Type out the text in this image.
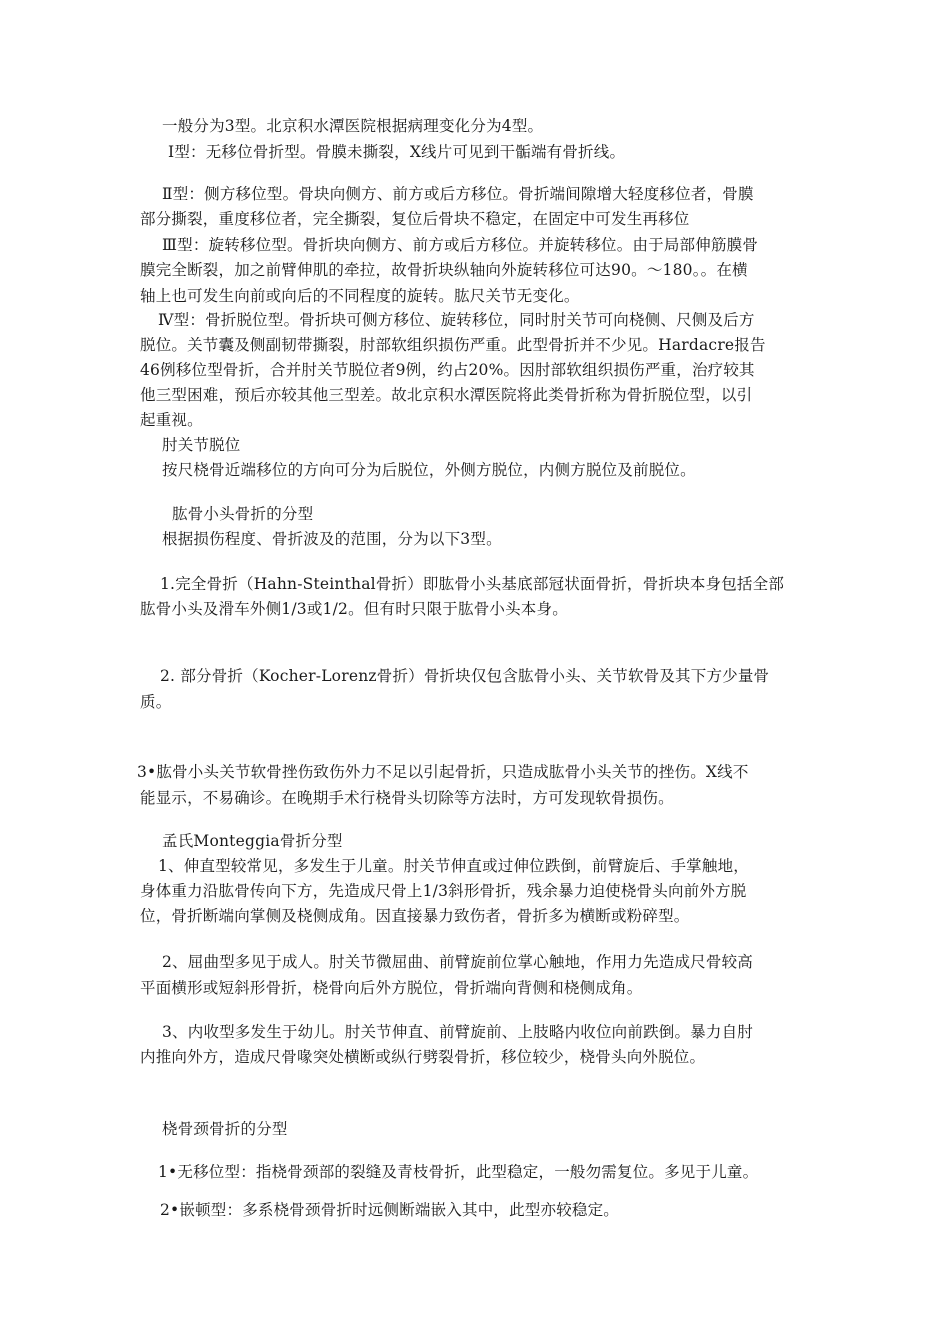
一般分为3型。北京积水潭医院根据病理变化分为4型。
Ⅰ型：无移位骨折型。骨膜未撕裂，X线片可见到干骺端有骨折线。
Ⅱ型：侧方移位型。骨块向侧方、前方或后方移位。骨折端间隙增大轻度移位者，骨膜
部分撕裂，重度移位者，完全撕裂，复位后骨块不稳定，在固定中可发生再移位
Ⅲ型：旋转移位型。骨折块向侧方、前方或后方移位。并旋转移位。由于局部伸筋膜骨
膜完全断裂，加之前臂伸肌的牵拉，故骨折块纵轴向外旋转移位可达90。〜180。。在横
轴上也可发生向前或向后的不同程度的旋转。肱尺关节无变化。
Ⅳ型：骨折脱位型。骨折块可侧方移位、旋转移位，同时肘关节可向桡侧、尺侧及后方
脱位。关节囊及侧副韧带撕裂，肘部软组织损伤严重。此型骨折并不少见。Hardacre报告
46例移位型骨折，合并肘关节脱位者9例，约占20%。因肘部软组织损伤严重，治疗较其
他三型困难，预后亦较其他三型差。故北京积水潭医院将此类骨折称为骨折脱位型，以引
起重视。
肘关节脱位
按尺桡骨近端移位的方向可分为后脱位，外侧方脱位，内侧方脱位及前脱位。
肱骨小头骨折的分型
根据损伤程度、骨折波及的范围，分为以下3型。
1.完全骨折（Hahn-Steinthal骨折）即肱骨小头基底部冠状面骨折，骨折块本身包括全部
肱骨小头及滑车外侧1/3或1/2。但有时只限于肱骨小头本身。
2. 部分骨折（Kocher-Lorenz骨折）骨折块仅包含肱骨小头、关节软骨及其下方少量骨
质。
3•肱骨小头关节软骨挫伤致伤外力不足以引起骨折，只造成肱骨小头关节的挫伤。X线不
能显示，不易确诊。在晚期手术行桡骨头切除等方法时，方可发现软骨损伤。
孟氏Monteggia骨折分型
1、伸直型较常见，多发生于儿童。肘关节伸直或过伸位跌倒，前臂旋后、手掌触地，
身体重力沿肱骨传向下方，先造成尺骨上1/3斜形骨折，残余暴力迫使桡骨头向前外方脱
位，骨折断端向掌侧及桡侧成角。因直接暴力致伤者，骨折多为横断或粉碎型。
2、屈曲型多见于成人。肘关节微屈曲、前臂旋前位掌心触地，作用力先造成尺骨较高
平面横形或短斜形骨折，桡骨向后外方脱位，骨折端向背侧和桡侧成角。
3、内收型多发生于幼儿。肘关节伸直、前臂旋前、上肢略内收位向前跌倒。暴力自肘
内推向外方，造成尺骨喙突处横断或纵行劈裂骨折，移位较少，桡骨头向外脱位。
桡骨颈骨折的分型
1•无移位型：指桡骨颈部的裂缝及青枝骨折，此型稳定，一般勿需复位。多见于儿童。
2•嵌顿型：多系桡骨颈骨折时远侧断端嵌入其中，此型亦较稳定。
